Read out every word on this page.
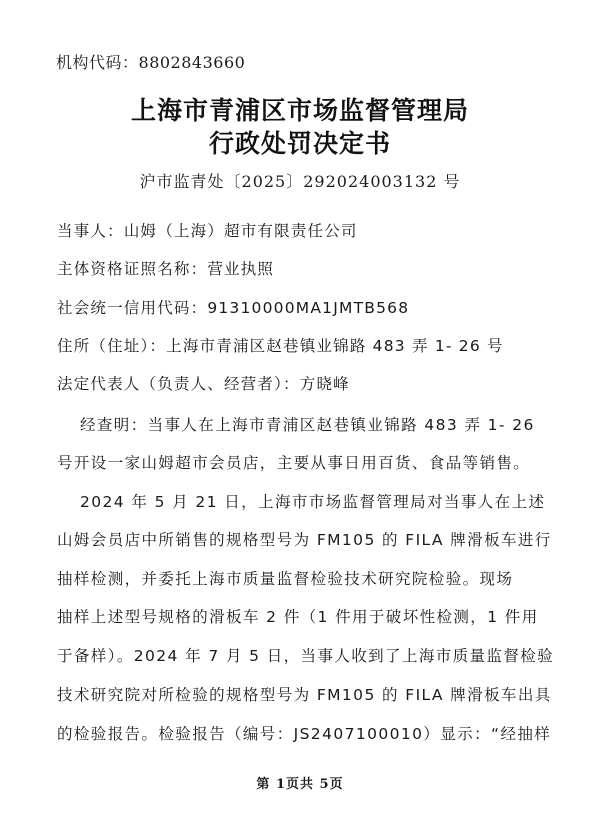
机构代码：8802843660
上海市青浦区市场监督管理局
行政处罚决定书
沪市监青处〔2025〕292024003132 号
当事人：山姆（上海）超市有限责任公司
主体资格证照名称：营业执照
社会统一信用代码：91310000MA1JMTB568
住所（住址）：上海市青浦区赵巷镇业锦路 483 弄 1- 26 号
法定代表人（负责人、经营者）：方晓峰
经查明：当事人在上海市青浦区赵巷镇业锦路 483 弄 1- 26
号开设一家山姆超市会员店，主要从事日用百货、食品等销售。
2024 年 5 月 21 日，上海市市场监督管理局对当事人在上述
山姆会员店中所销售的规格型号为 FM105 的 FILA 牌滑板车进行
抽样检测，并委托上海市质量监督检验技术研究院检验。现场
抽样上述型号规格的滑板车 2 件（1 件用于破坏性检测，1 件用
于备样）。2024 年 7 月 5 日，当事人收到了上海市质量监督检验
技术研究院对所检验的规格型号为 FM105 的 FILA 牌滑板车出具
的检验报告。检验报告（编号：JS2407100010）显示：“经抽样
第 1页共 5页
